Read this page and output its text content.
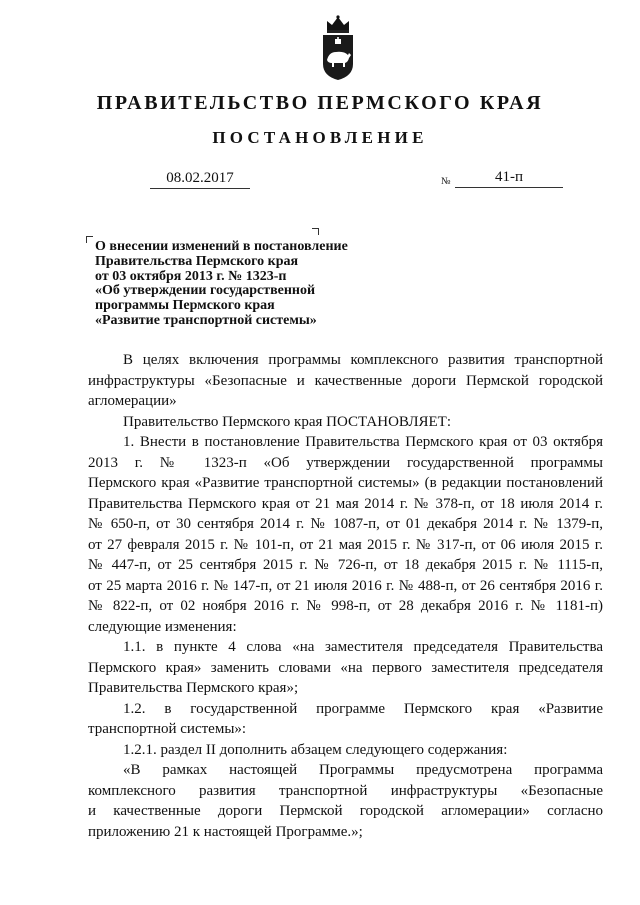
ПРАВИТЕЛЬСТВО ПЕРМСКОГО КРАЯ
ПОСТАНОВЛЕНИЕ
08.02.2017	№	41-п
О внесении изменений в постановление
Правительства Пермского края
от 03 октября 2013 г. № 1323-п
«Об утверждении государственной
программы Пермского края
«Развитие транспортной системы»
В целях включения программы комплексного развития транспортной
инфраструктуры «Безопасные и качественные дороги Пермской городской
агломерации»
Правительство Пермского края ПОСТАНОВЛЯЕТ:
1. Внести в постановление Правительства Пермского края от 03 октября
2013 г. № 1323-п «Об утверждении государственной программы
Пермского края «Развитие транспортной системы» (в редакции постановлений
Правительства Пермского края от 21 мая 2014 г. № 378-п, от 18 июля 2014 г.
№ 650-п, от 30 сентября 2014 г. № 1087-п, от 01 декабря 2014 г. № 1379-п,
от 27 февраля 2015 г. № 101-п, от 21 мая 2015 г. № 317-п, от 06 июля 2015 г.
№ 447-п, от 25 сентября 2015 г. № 726-п, от 18 декабря 2015 г. № 1115-п,
от 25 марта 2016 г. № 147-п, от 21 июля 2016 г. № 488-п, от 26 сентября 2016 г.
№ 822-п, от 02 ноября 2016 г. № 998-п, от 28 декабря 2016 г. № 1181-п)
следующие изменения:
1.1. в пункте 4 слова «на заместителя председателя Правительства
Пермского края» заменить словами «на первого заместителя председателя
Правительства Пермского края»;
1.2. в государственной программе Пермского края «Развитие
транспортной системы»:
1.2.1. раздел II дополнить абзацем следующего содержания:
«В рамках настоящей Программы предусмотрена программа
комплексного развития транспортной инфраструктуры «Безопасные
и качественные дороги Пермской городской агломерации» согласно
приложению 21 к настоящей Программе.»;
